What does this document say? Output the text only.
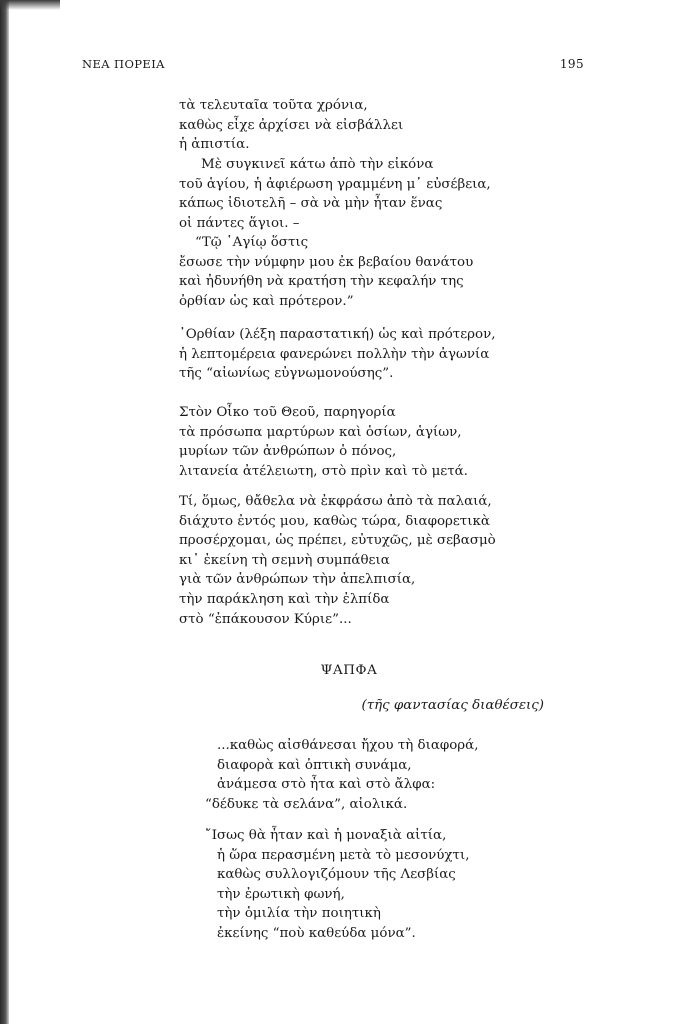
ΝΕΑ ΠΟΡΕΙΑ	195
τὰ τελευταῖα τοῦτα χρόνια,
καθὼς εἶχε ἀρχίσει νὰ εἰσβάλλει
ἡ ἀπιστία.
Μὲ συγκινεῖ κάτω ἀπὸ τὴν εἰκόνα
τοῦ ἁγίου, ἡ ἀφιέρωση γραμμένη μ᾽ εὐσέβεια,
κάπως ἰδιοτελῆ – σὰ νὰ μὴν ἦταν ἕνας
οἱ πάντες ἅγιοι. –
“Τῷ ῾Αγίῳ ὅστις
ἔσωσε τὴν νύμφην μου ἐκ βεβαίου θανάτου
καὶ ἠδυνήθη νὰ κρατήση τὴν κεφαλήν της
ὀρθίαν ὡς καὶ πρότερον.”
᾽Ορθίαν (λέξη παραστατική) ὡς καὶ πρότερον,
ἡ λεπτομέρεια φανερώνει πολλὴν τὴν ἀγωνία
τῆς “αἰωνίως εὐγνωμονούσης”.
Στὸν Οἶκο τοῦ Θεοῦ, παρηγορία
τὰ πρόσωπα μαρτύρων καὶ ὁσίων, ἁγίων,
μυρίων τῶν ἀνθρώπων ὁ πόνος,
λιτανεία ἀτέλειωτη, στὸ πρὶν καὶ τὸ μετά.
Τί, ὅμως, θἄθελα νὰ ἐκφράσω ἀπὸ τὰ παλαιά,
διάχυτο ἐντός μου, καθὼς τώρα, διαφορετικὰ
προσέρχομαι, ὡς πρέπει, εὐτυχῶς, μὲ σεβασμὸ
κι᾽ ἐκείνη τὴ σεμνὴ συμπάθεια
γιὰ τῶν ἀνθρώπων τὴν ἀπελπισία,
τὴν παράκληση καὶ τὴν ἐλπίδα
στὸ “ἐπάκουσον Κύριε”...
ΨΑΠΦΑ
(τῆς φαντασίας διαθέσεις)
...καθὼς αἰσθάνεσαι ἤχου τὴ διαφορά,
διαφορὰ καὶ ὀπτικὴ συνάμα,
ἀνάμεσα στὸ ἦτα καὶ στὸ ἄλφα:
“δέδυκε τὰ σελάνα”, αἰολικά.
῎Ισως θὰ ἦταν καὶ ἡ μοναξιὰ αἰτία,
ἡ ὥρα περασμένη μετὰ τὸ μεσονύχτι,
καθὼς συλλογιζόμουν τῆς Λεσβίας
τὴν ἐρωτικὴ φωνή,
τὴν ὁμιλία τὴν ποιητικὴ
ἐκείνης “ποὺ καθεύδα μόνα”.
